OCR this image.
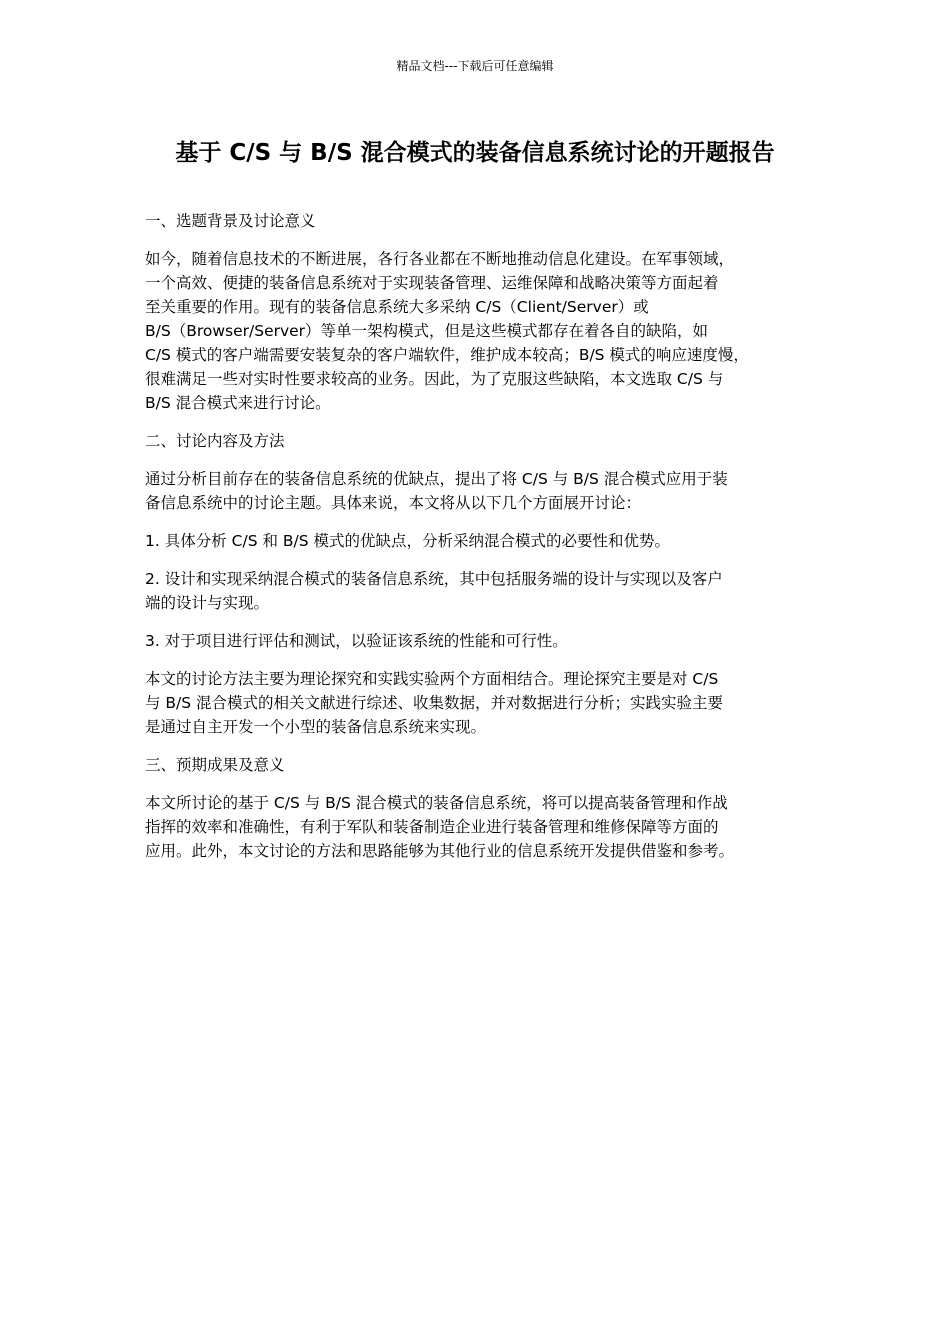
精品文档---下载后可任意编辑
基于 C/S 与 B/S 混合模式的装备信息系统讨论的开题报告

一、选题背景及讨论意义

如今，随着信息技术的不断进展，各行各业都在不断地推动信息化建设。在军事领域，
一个高效、便捷的装备信息系统对于实现装备管理、运维保障和战略决策等方面起着
至关重要的作用。现有的装备信息系统大多采纳 C/S（Client/Server）或
B/S（Browser/Server）等单一架构模式，但是这些模式都存在着各自的缺陷，如
C/S 模式的客户端需要安装复杂的客户端软件，维护成本较高；B/S 模式的响应速度慢，
很难满足一些对实时性要求较高的业务。因此，为了克服这些缺陷，本文选取 C/S 与
B/S 混合模式来进行讨论。

二、讨论内容及方法

通过分析目前存在的装备信息系统的优缺点，提出了将 C/S 与 B/S 混合模式应用于装
备信息系统中的讨论主题。具体来说，本文将从以下几个方面展开讨论：

1. 具体分析 C/S 和 B/S 模式的优缺点，分析采纳混合模式的必要性和优势。

2. 设计和实现采纳混合模式的装备信息系统，其中包括服务端的设计与实现以及客户
端的设计与实现。

3. 对于项目进行评估和测试，以验证该系统的性能和可行性。

本文的讨论方法主要为理论探究和实践实验两个方面相结合。理论探究主要是对 C/S
与 B/S 混合模式的相关文献进行综述、收集数据，并对数据进行分析；实践实验主要
是通过自主开发一个小型的装备信息系统来实现。

三、预期成果及意义

本文所讨论的基于 C/S 与 B/S 混合模式的装备信息系统，将可以提高装备管理和作战
指挥的效率和准确性，有利于军队和装备制造企业进行装备管理和维修保障等方面的
应用。此外，本文讨论的方法和思路能够为其他行业的信息系统开发提供借鉴和参考。
